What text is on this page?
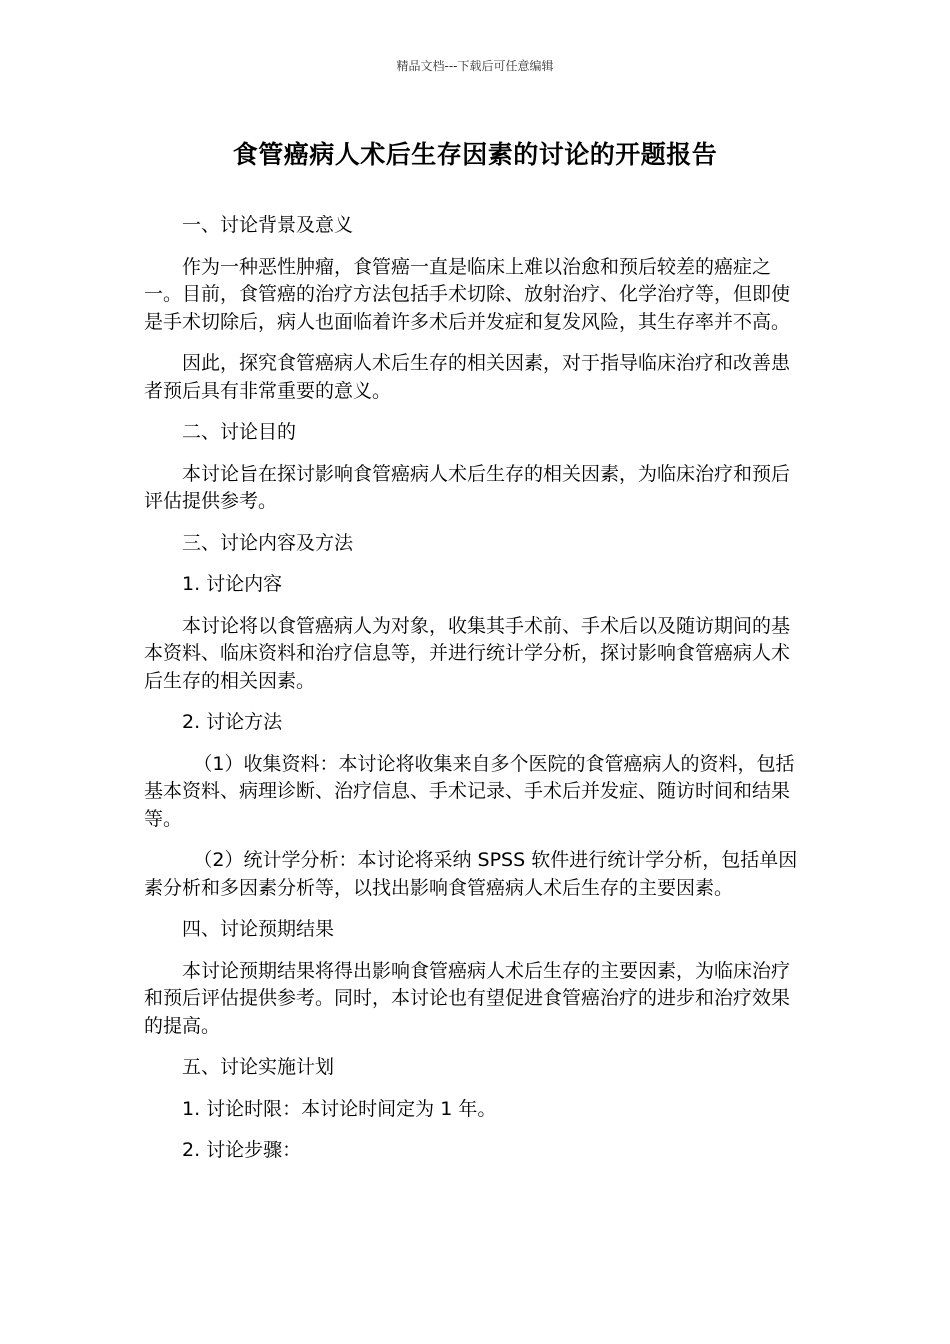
精品文档---下载后可任意编辑
食管癌病人术后生存因素的讨论的开题报告

一、讨论背景及意义

作为一种恶性肿瘤，食管癌一直是临床上难以治愈和预后较差的癌症之一。目前，食管癌的治疗方法包括手术切除、放射治疗、化学治疗等，但即使是手术切除后，病人也面临着许多术后并发症和复发风险，其生存率并不高。

因此，探究食管癌病人术后生存的相关因素，对于指导临床治疗和改善患者预后具有非常重要的意义。

二、讨论目的

本讨论旨在探讨影响食管癌病人术后生存的相关因素，为临床治疗和预后评估提供参考。

三、讨论内容及方法

1. 讨论内容

本讨论将以食管癌病人为对象，收集其手术前、手术后以及随访期间的基本资料、临床资料和治疗信息等，并进行统计学分析，探讨影响食管癌病人术后生存的相关因素。

2. 讨论方法

（1）收集资料：本讨论将收集来自多个医院的食管癌病人的资料，包括基本资料、病理诊断、治疗信息、手术记录、手术后并发症、随访时间和结果等。

（2）统计学分析：本讨论将采纳 SPSS 软件进行统计学分析，包括单因素分析和多因素分析等，以找出影响食管癌病人术后生存的主要因素。

四、讨论预期结果

本讨论预期结果将得出影响食管癌病人术后生存的主要因素，为临床治疗和预后评估提供参考。同时，本讨论也有望促进食管癌治疗的进步和治疗效果的提高。

五、讨论实施计划

1. 讨论时限：本讨论时间定为 1 年。

2. 讨论步骤：
